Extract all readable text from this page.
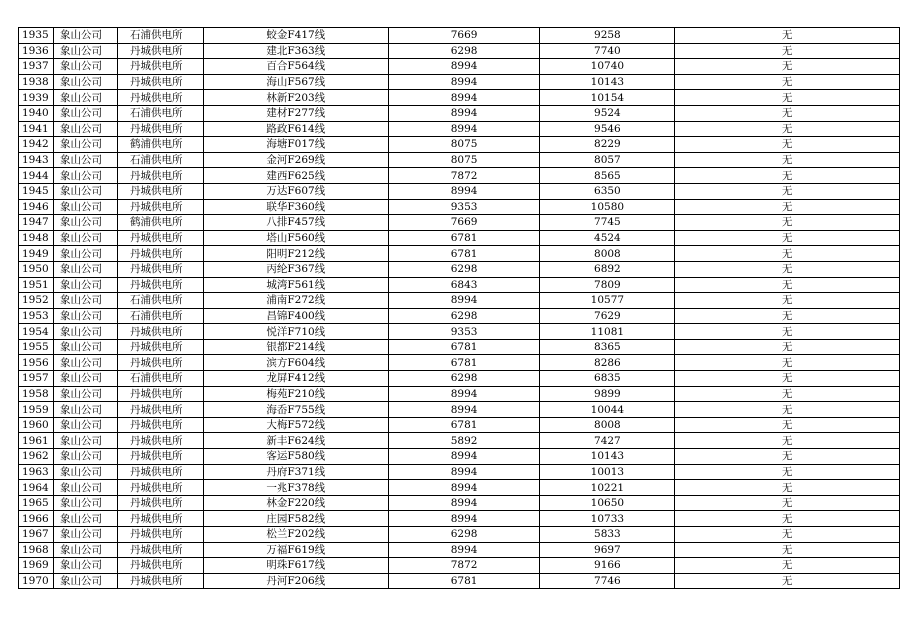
1935	象山公司	石浦供电所	蛟金F417线	7669	9258	无
1936	象山公司	丹城供电所	建北F363线	6298	7740	无
1937	象山公司	丹城供电所	百合F564线	8994	10740	无
1938	象山公司	丹城供电所	海山F567线	8994	10143	无
1939	象山公司	丹城供电所	林新F203线	8994	10154	无
1940	象山公司	石浦供电所	建材F277线	8994	9524	无
1941	象山公司	丹城供电所	路政F614线	8994	9546	无
1942	象山公司	鹤浦供电所	海塘F017线	8075	8229	无
1943	象山公司	石浦供电所	金河F269线	8075	8057	无
1944	象山公司	丹城供电所	建西F625线	7872	8565	无
1945	象山公司	丹城供电所	万达F607线	8994	6350	无
1946	象山公司	丹城供电所	联华F360线	9353	10580	无
1947	象山公司	鹤浦供电所	八排F457线	7669	7745	无
1948	象山公司	丹城供电所	塔山F560线	6781	4524	无
1949	象山公司	丹城供电所	阳明F212线	6781	8008	无
1950	象山公司	丹城供电所	丙纶F367线	6298	6892	无
1951	象山公司	丹城供电所	城湾F561线	6843	7809	无
1952	象山公司	石浦供电所	浦南F272线	8994	10577	无
1953	象山公司	石浦供电所	昌锦F400线	6298	7629	无
1954	象山公司	丹城供电所	悦洋F710线	9353	11081	无
1955	象山公司	丹城供电所	银都F214线	6781	8365	无
1956	象山公司	丹城供电所	滨方F604线	6781	8286	无
1957	象山公司	石浦供电所	龙屏F412线	6298	6835	无
1958	象山公司	丹城供电所	梅苑F210线	8994	9899	无
1959	象山公司	丹城供电所	海岙F755线	8994	10044	无
1960	象山公司	丹城供电所	大梅F572线	6781	8008	无
1961	象山公司	丹城供电所	新丰F624线	5892	7427	无
1962	象山公司	丹城供电所	客运F580线	8994	10143	无
1963	象山公司	丹城供电所	丹府F371线	8994	10013	无
1964	象山公司	丹城供电所	一兆F378线	8994	10221	无
1965	象山公司	丹城供电所	林金F220线	8994	10650	无
1966	象山公司	丹城供电所	庄园F582线	8994	10733	无
1967	象山公司	丹城供电所	松兰F202线	6298	5833	无
1968	象山公司	丹城供电所	万福F619线	8994	9697	无
1969	象山公司	丹城供电所	明珠F617线	7872	9166	无
1970	象山公司	丹城供电所	丹河F206线	6781	7746	无
